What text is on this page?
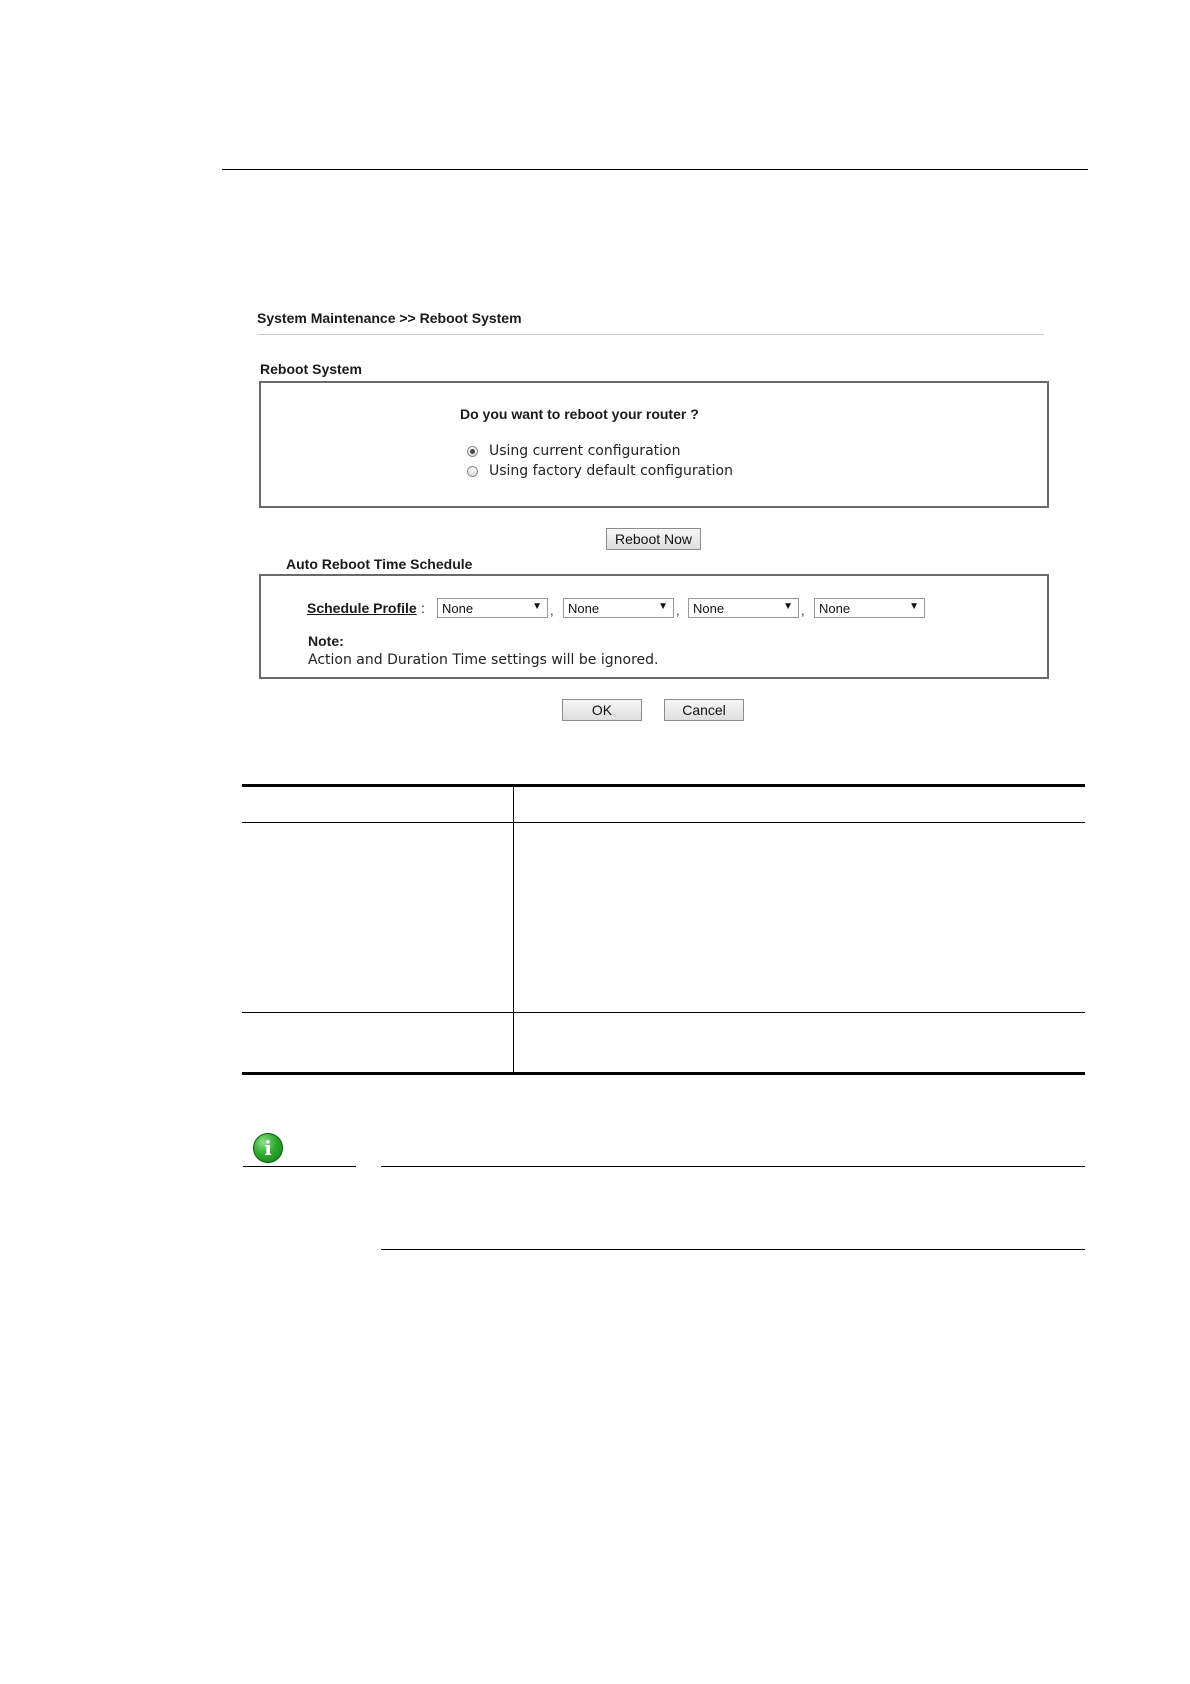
System Maintenance >> Reboot System
Reboot System
Do you want to reboot your router ?
Using current configuration
Using factory default configuration
Reboot Now
Auto Reboot Time Schedule
Schedule Profile : None	▼ , None	▼ , None	▼ , None	▼
Note:
Action and Duration Time settings will be ignored.
OK	Cancel
i
